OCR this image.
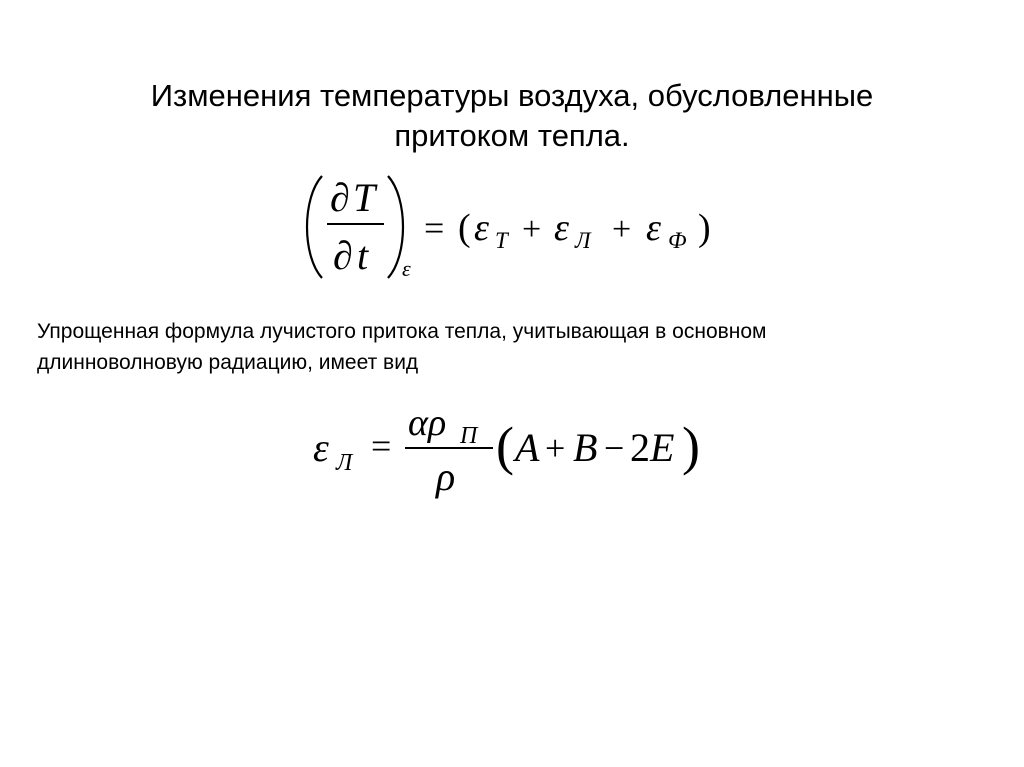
Изменения температуры воздуха, обусловленные
притоком тепла.
∂ T
∂ t ε
= ( ε T + ε Л + ε Ф )
Упрощенная формула лучистого притока тепла, учитывающая в основном
длинноволновую радиацию, имеет вид
ε Л =
αρ П
ρ
( A + B − 2 E )
